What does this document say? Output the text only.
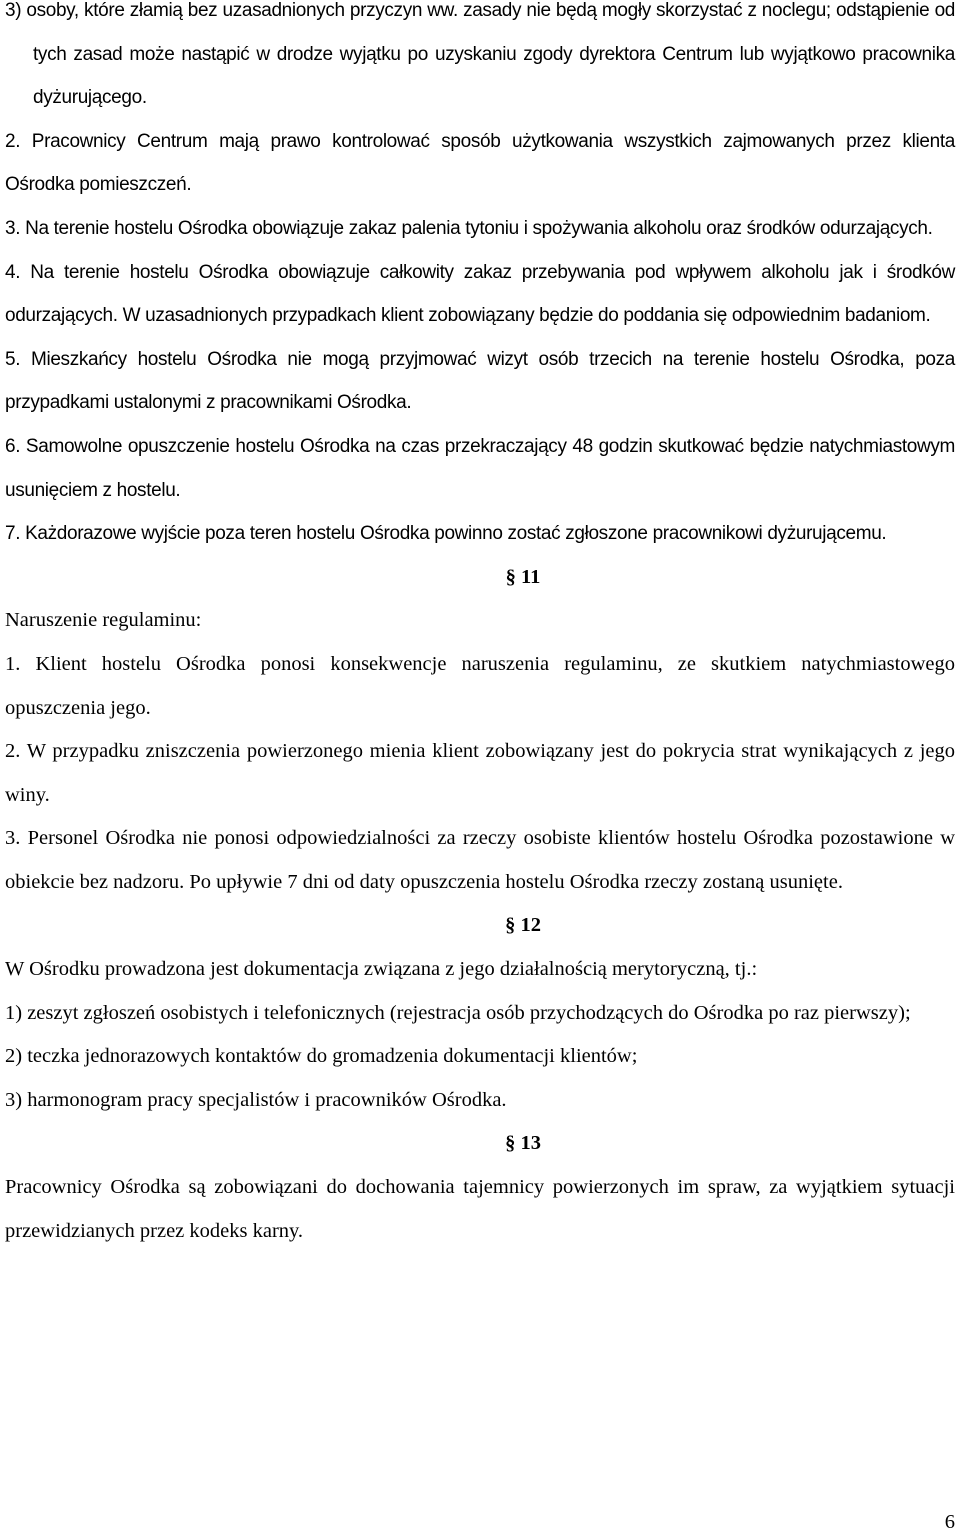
3) osoby, które złamią bez uzasadnionych przyczyn ww. zasady nie będą mogły skorzystać z noclegu; odstąpienie od tych zasad może nastąpić w drodze wyjątku po uzyskaniu zgody dyrektora Centrum lub wyjątkowo pracownika dyżurującego.

2. Pracownicy Centrum mają prawo kontrolować sposób użytkowania wszystkich zajmowanych przez klienta Ośrodka pomieszczeń.

3. Na terenie hostelu Ośrodka obowiązuje zakaz palenia tytoniu i spożywania alkoholu oraz środków odurzających.

4. Na terenie hostelu Ośrodka obowiązuje całkowity zakaz przebywania pod wpływem alkoholu jak i środków odurzających. W uzasadnionych przypadkach klient zobowiązany będzie do poddania się odpowiednim badaniom.

5. Mieszkańcy hostelu Ośrodka nie mogą przyjmować wizyt osób trzecich na terenie hostelu Ośrodka, poza przypadkami ustalonymi z pracownikami Ośrodka.

6. Samowolne opuszczenie hostelu Ośrodka na czas przekraczający 48 godzin skutkować będzie natychmiastowym usunięciem z hostelu.

7. Każdorazowe wyjście poza teren hostelu Ośrodka powinno zostać zgłoszone pracownikowi dyżurującemu.

§ 11

Naruszenie regulaminu:

1. Klient hostelu Ośrodka ponosi konsekwencje naruszenia regulaminu, ze skutkiem natychmiastowego opuszczenia jego.

2. W przypadku zniszczenia powierzonego mienia klient zobowiązany jest do pokrycia strat wynikających z jego winy.

3. Personel Ośrodka nie ponosi odpowiedzialności za rzeczy osobiste klientów hostelu Ośrodka pozostawione w obiekcie bez nadzoru. Po upływie 7 dni od daty opuszczenia hostelu Ośrodka rzeczy zostaną usunięte.

§ 12

W Ośrodku prowadzona jest dokumentacja związana z jego działalnością merytoryczną, tj.:

1) zeszyt zgłoszeń osobistych i telefonicznych (rejestracja osób przychodzących do Ośrodka po raz pierwszy);

2) teczka jednorazowych kontaktów do gromadzenia dokumentacji klientów;

3) harmonogram pracy specjalistów i pracowników Ośrodka.

§ 13

Pracownicy Ośrodka są zobowiązani do dochowania tajemnicy powierzonych im spraw, za wyjątkiem sytuacji przewidzianych przez kodeks karny.

6
